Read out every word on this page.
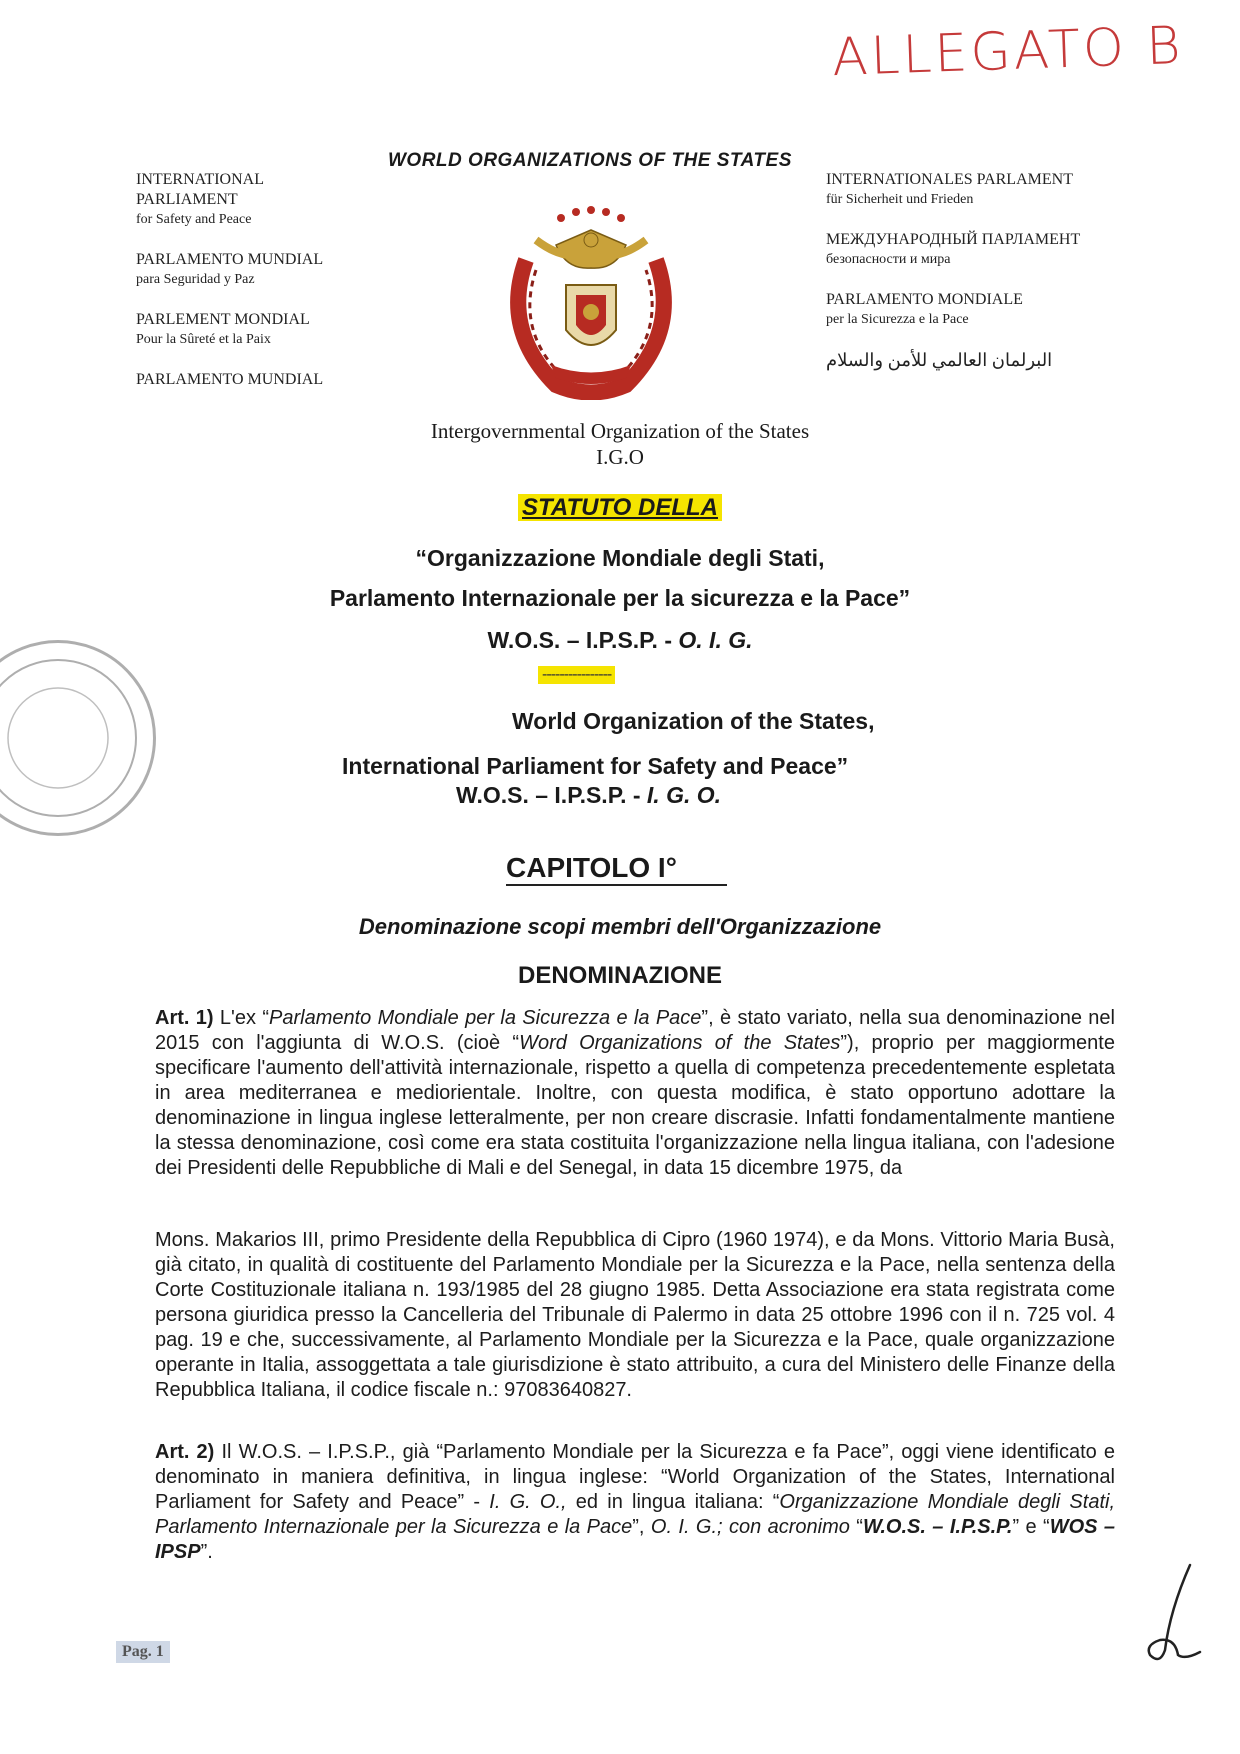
ALLEGATO B
WORLD ORGANIZATIONS OF THE STATES
INTERNATIONAL PARLIAMENT
for Safety and Peace
PARLAMENTO MUNDIAL
para Seguridad y Paz
PARLEMENT MONDIAL
Pour la Sûreté et la Paix
PARLAMENTO MUNDIAL
INTERNATIONALES PARLAMENT
für Sicherheit und Frieden
МЕЖДУНАРОДНЫЙ ПАРЛАМЕНТ
безопасности и мира
PARLAMENTO MONDIALE
per la Sicurezza e la Pace
البرلمان العالمي للأمن والسلام
Intergovernmental Organization of the States
I.G.O
STATUTO DELLA
“Organizzazione Mondiale degli Stati,
Parlamento Internazionale per la sicurezza e la Pace”
W.O.S. – I.P.S.P. - O. I. G.
----------------
World Organization of the States,
International Parliament for Safety and Peace”
W.O.S. – I.P.S.P. - I. G. O.
CAPITOLO I°
Denominazione scopi membri dell'Organizzazione
DENOMINAZIONE
Art. 1) L'ex “Parlamento Mondiale per la Sicurezza e la Pace”, è stato variato, nella sua denominazione nel 2015 con l'aggiunta di W.O.S. (cioè “Word Organizations of the States”), proprio per maggiormente specificare l'aumento dell'attività internazionale, rispetto a quella di competenza precedentemente espletata in area mediterranea e mediorientale. Inoltre, con questa modifica, è stato opportuno adottare la denominazione in lingua inglese letteralmente, per non creare discrasie. Infatti fondamentalmente mantiene la stessa denominazione, così come era stata costituita l'organizzazione nella lingua italiana, con l'adesione dei Presidenti delle Repubbliche di Mali e del Senegal, in data 15 dicembre 1975, da
Mons. Makarios III, primo Presidente della Repubblica di Cipro (1960 1974), e da Mons. Vittorio Maria Busà, già citato, in qualità di costituente del Parlamento Mondiale per la Sicurezza e la Pace, nella sentenza della Corte Costituzionale italiana n. 193/1985 del 28 giugno 1985. Detta Associazione era stata registrata come persona giuridica presso la Cancelleria del Tribunale di Palermo in data 25 ottobre 1996 con il n. 725 vol. 4 pag. 19 e che, successivamente, al Parlamento Mondiale per la Sicurezza e la Pace, quale organizzazione operante in Italia, assoggettata a tale giurisdizione è stato attribuito, a cura del Ministero delle Finanze della Repubblica Italiana, il codice fiscale n.: 97083640827.
Art. 2) Il W.O.S. – I.P.S.P., già “Parlamento Mondiale per la Sicurezza e fa Pace”, oggi viene identificato e denominato in maniera definitiva, in lingua inglese: “World Organization of the States, International Parliament for Safety and Peace” - I. G. O., ed in lingua italiana: “Organizzazione Mondiale degli Stati, Parlamento Internazionale per la Sicurezza e la Pace”, O. I. G.; con acronimo “W.O.S. – I.P.S.P.” e “WOS – IPSP”.
Pag. 1
